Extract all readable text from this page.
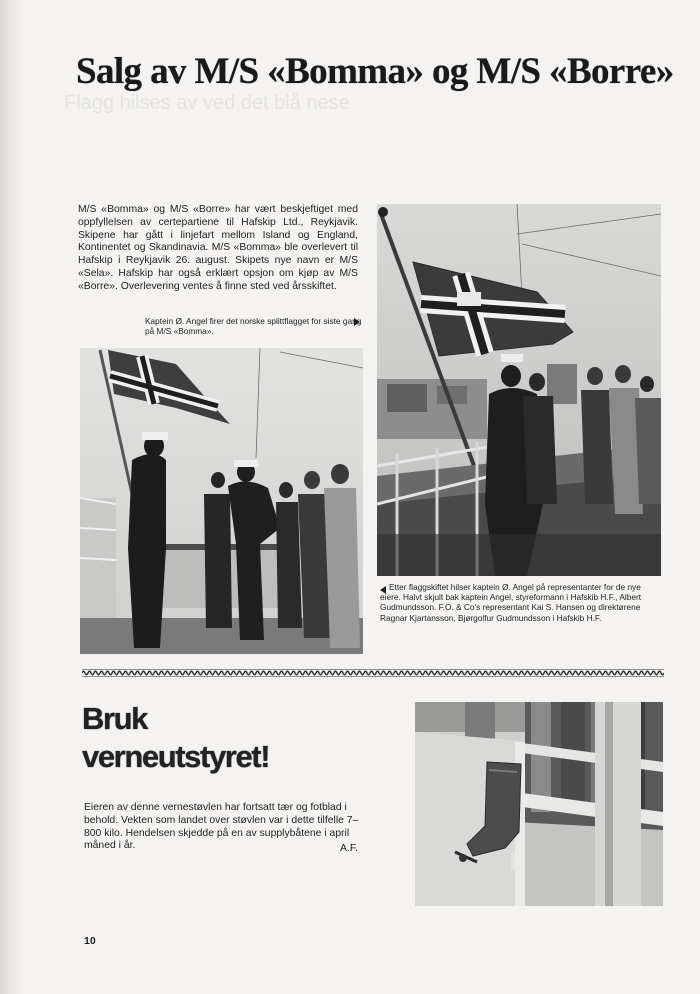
Salg av M/S «Bomma» og M/S «Borre»
Flagg hilses av ved det blå nese

M/S «Bomma» og M/S «Borre» har vært beskjeftiget med oppfyllelsen av certepartiene til Hafskip Ltd., Reykjavik. Skipene har gått i linjefart mellom Island og England, Kontinentet og Skandinavia. M/S «Bomma» ble overlevert til Hafskip i Reykjavik 26. august. Skipets nye navn er M/S «Sela». Hafskip har også erklært opsjon om kjøp av M/S «Borre». Overlevering ventes å finne sted ved årsskiftet.

Kaptein Ø. Angel firer det norske splittflagget for siste gang på M/S «Bomma».

Etter flaggskiftet hilser kaptein Ø. Angel på representanter for de nye eiere. Halvt skjult bak kaptein Angel, styreformann i Hafskib H.F., Albert Gudmundsson. F.O. & Co's representant Kai S. Hansen og direktørene Ragnar Kjartansson, Bjørgolfur Gudmundsson i Hafskib H.F.

Bruk
verneutstyret!

Eieren av denne vernestøvlen har fortsatt tær og fotblad i behold. Vekten som landet over støvlen var i dette tilfelle 7–800 kilo. Hendelsen skjedde på en av supplybåtene i april måned i år.	A.F.
10
